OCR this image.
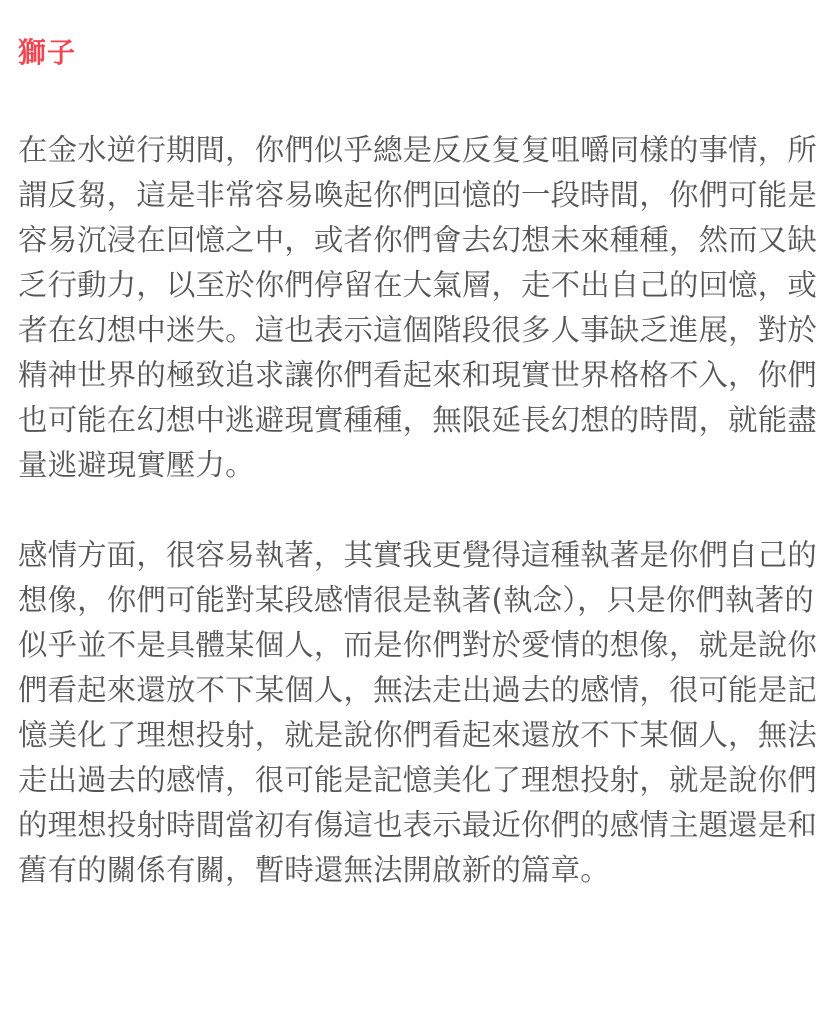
獅子

在金水逆行期間，你們似乎總是反反复复咀嚼同樣的事情，所謂反芻，這是非常容易喚起你們回憶的一段時間，你們可能是容易沉浸在回憶之中，或者你們會去幻想未來種種，然而又缺乏行動力，以至於你們停留在大氣層，走不出自己的回憶，或者在幻想中迷失。這也表示這個階段很多人事缺乏進展，對於精神世界的極致追求讓你們看起來和現實世界格格不入，你們也可能在幻想中逃避現實種種，無限延長幻想的時間，就能盡量逃避現實壓力。

感情方面，很容易執著，其實我更覺得這種執著是你們自己的想像，你們可能對某段感情很是執著(執念），只是你們執著的似乎並不是具體某個人，而是你們對於愛情的想像，就是說你們看起來還放不下某個人，無法走出過去的感情，很可能是記憶美化了理想投射，就是說你們看起來還放不下某個人，無法走出過去的感情，很可能是記憶美化了理想投射，就是說你們的理想投射時間當初有傷這也表示最近你們的感情主題還是和舊有的關係有關，暫時還無法開啟新的篇章。
